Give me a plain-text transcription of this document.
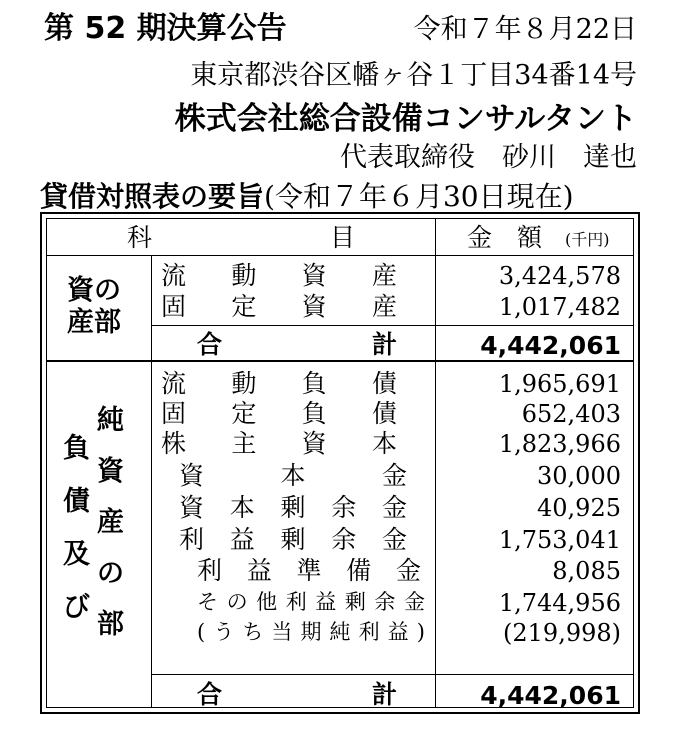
第 52 期決算公告	令和７年８月22日
東京都渋谷区幡ヶ谷１丁目34番14号
株式会社総合設備コンサルタント
代表取締役　砂川　達也
貸借対照表の要旨(令和７年６月30日現在)
科	目	金　額 (千円)
資の
産部
流 動 資 産	3,424,578
固 定 資 産	1,017,482
合	計	4,442,061
負
債
及
び
純
資
産
の
部
流 動 負 債	1,965,691
固 定 負 債	652,403
株 主 資 本	1,823,966
資	本	金	30,000
資 本 剰 余 金	40,925
利 益 剰 余 金	1,753,041
利 益 準 備 金	8,085
そ の 他 利 益 剰 余 金	1,744,956
( う ち 当 期 純 利 益 )	(219,998)
合	計	4,442,061
